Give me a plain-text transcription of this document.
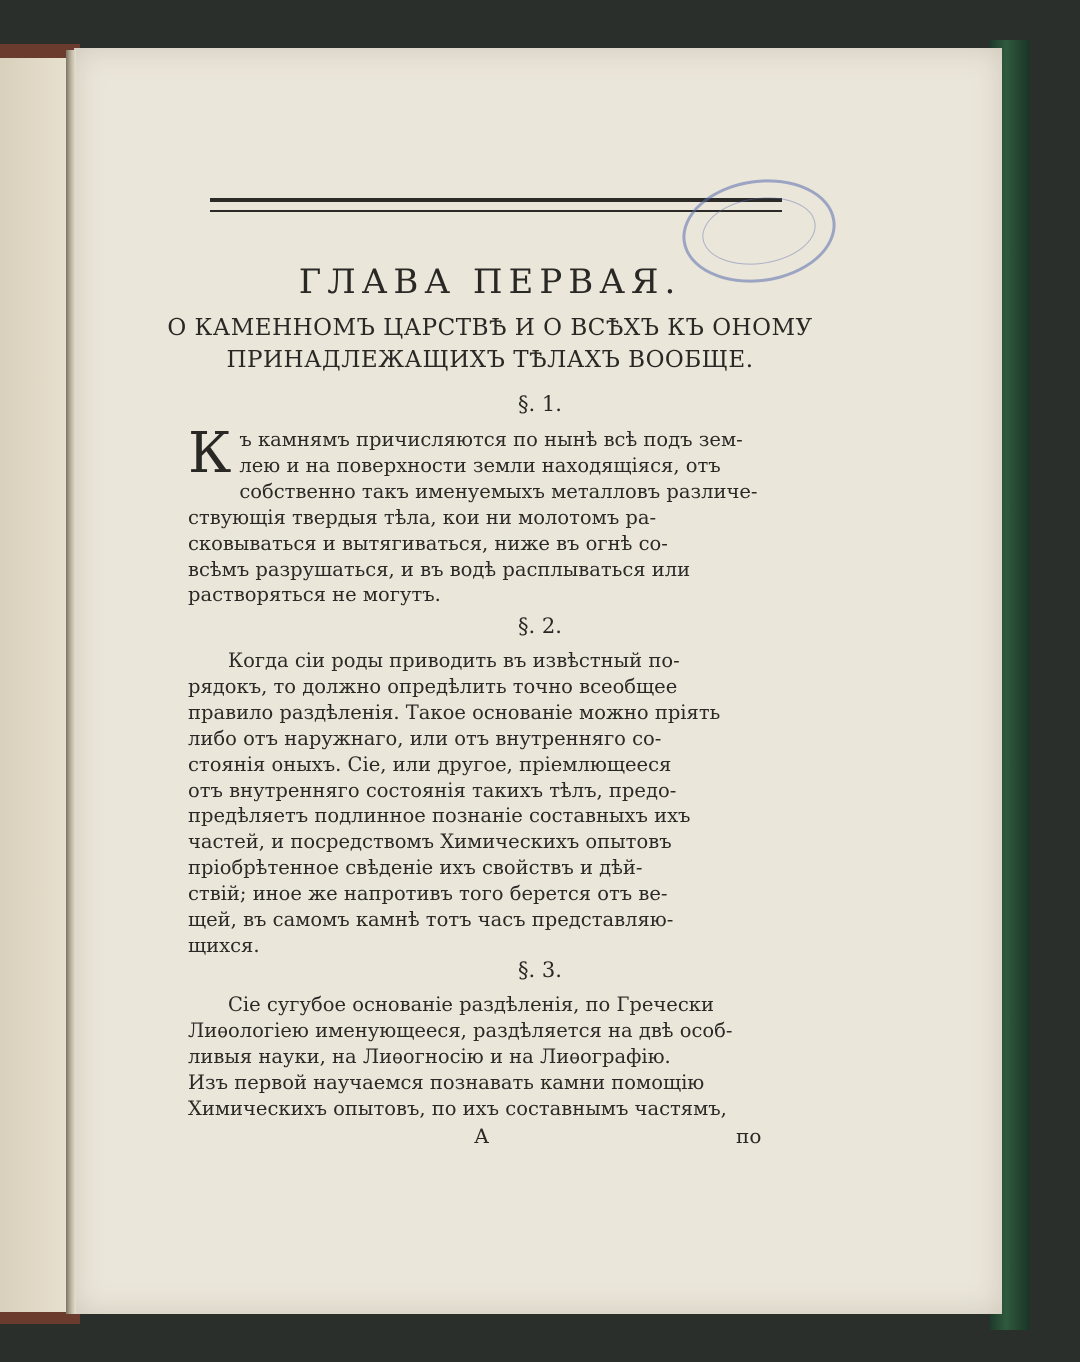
ГЛАВА ПЕРВАЯ.
О КАМЕННОМЪ ЦАРСТВѢ И О ВСѢХЪ КЪ ОНОМУ
ПРИНАДЛЕЖАЩИХЪ ТѢЛАХЪ ВООБЩЕ.
§. 1.
К ъ камнямъ причисляются по нынѣ всѣ подъ зем-
лею и на поверхности земли находящіяся, отъ
собственно такъ именуемыхъ металловъ различе-
ствующія твердыя тѣла, кои ни молотомъ ра-
сковываться и вытягиваться, ниже въ огнѣ со-
всѣмъ разрушаться, и въ водѣ расплываться или
растворяться не могутъ.
§. 2.
Когда сіи роды приводить въ извѣстный по-
рядокъ, то должно опредѣлить точно всеобщее
правило раздѣленія. Такое основаніе можно пріять
либо отъ наружнаго, или отъ внутренняго со-
стоянія оныхъ. Сіе, или другое, пріемлющееся
отъ внутренняго состоянія такихъ тѣлъ, предо-
предѣляетъ подлинное познаніе составныхъ ихъ
частей, и посредствомъ Химическихъ опытовъ
пріобрѣтенное свѣденіе ихъ свойствъ и дѣй-
ствій; иное же напротивъ того берется отъ ве-
щей, въ самомъ камнѣ тотъ часъ представляю-
щихся.
§. 3.
Сіе сугубое основаніе раздѣленія, по Гречески
Лиѳологіею именующееся, раздѣляется на двѣ особ-
ливыя науки, на Лиѳогносію и на Лиѳографію.
Изъ первой научаемся познавать камни помощію
Химическихъ опытовъ, по ихъ составнымъ частямъ,
А	по
